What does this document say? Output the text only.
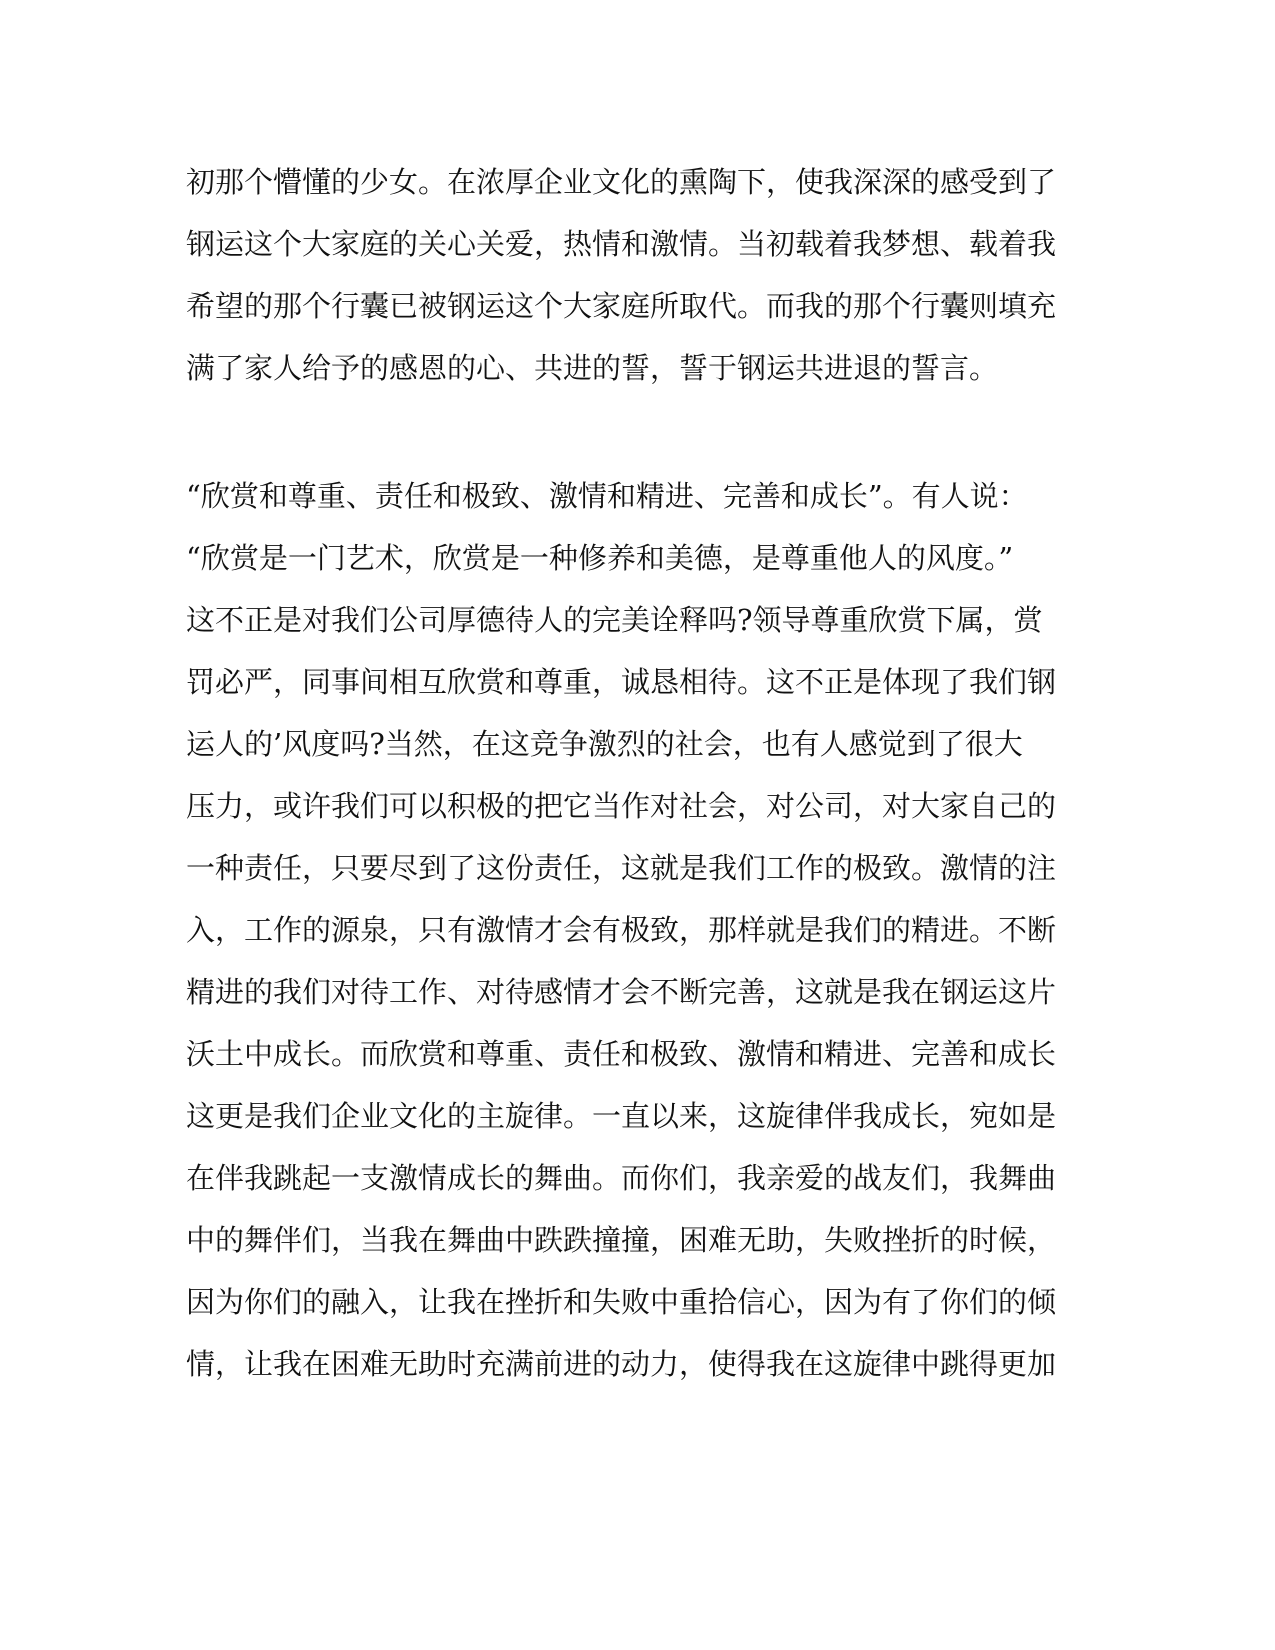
初那个懵懂的少女。在浓厚企业文化的熏陶下，使我深深的感受到了
钢运这个大家庭的关心关爱，热情和激情。当初载着我梦想、载着我
希望的那个行囊已被钢运这个大家庭所取代。而我的那个行囊则填充
满了家人给予的感恩的心、共进的誓，誓于钢运共进退的誓言。
“欣赏和尊重、责任和极致、激情和精进、完善和成长”。有人说：
“欣赏是一门艺术，欣赏是一种修养和美德，是尊重他人的风度。”
这不正是对我们公司厚德待人的完美诠释吗?领导尊重欣赏下属，赏
罚必严，同事间相互欣赏和尊重，诚恳相待。这不正是体现了我们钢
运人的’风度吗?当然，在这竞争激烈的社会，也有人感觉到了很大
压力，或许我们可以积极的把它当作对社会，对公司，对大家自己的
一种责任，只要尽到了这份责任，这就是我们工作的极致。激情的注
入，工作的源泉，只有激情才会有极致，那样就是我们的精进。不断
精进的我们对待工作、对待感情才会不断完善，这就是我在钢运这片
沃土中成长。而欣赏和尊重、责任和极致、激情和精进、完善和成长
这更是我们企业文化的主旋律。一直以来，这旋律伴我成长，宛如是
在伴我跳起一支激情成长的舞曲。而你们，我亲爱的战友们，我舞曲
中的舞伴们，当我在舞曲中跌跌撞撞，困难无助，失败挫折的时候，
因为你们的融入，让我在挫折和失败中重拾信心，因为有了你们的倾
情，让我在困难无助时充满前进的动力，使得我在这旋律中跳得更加
